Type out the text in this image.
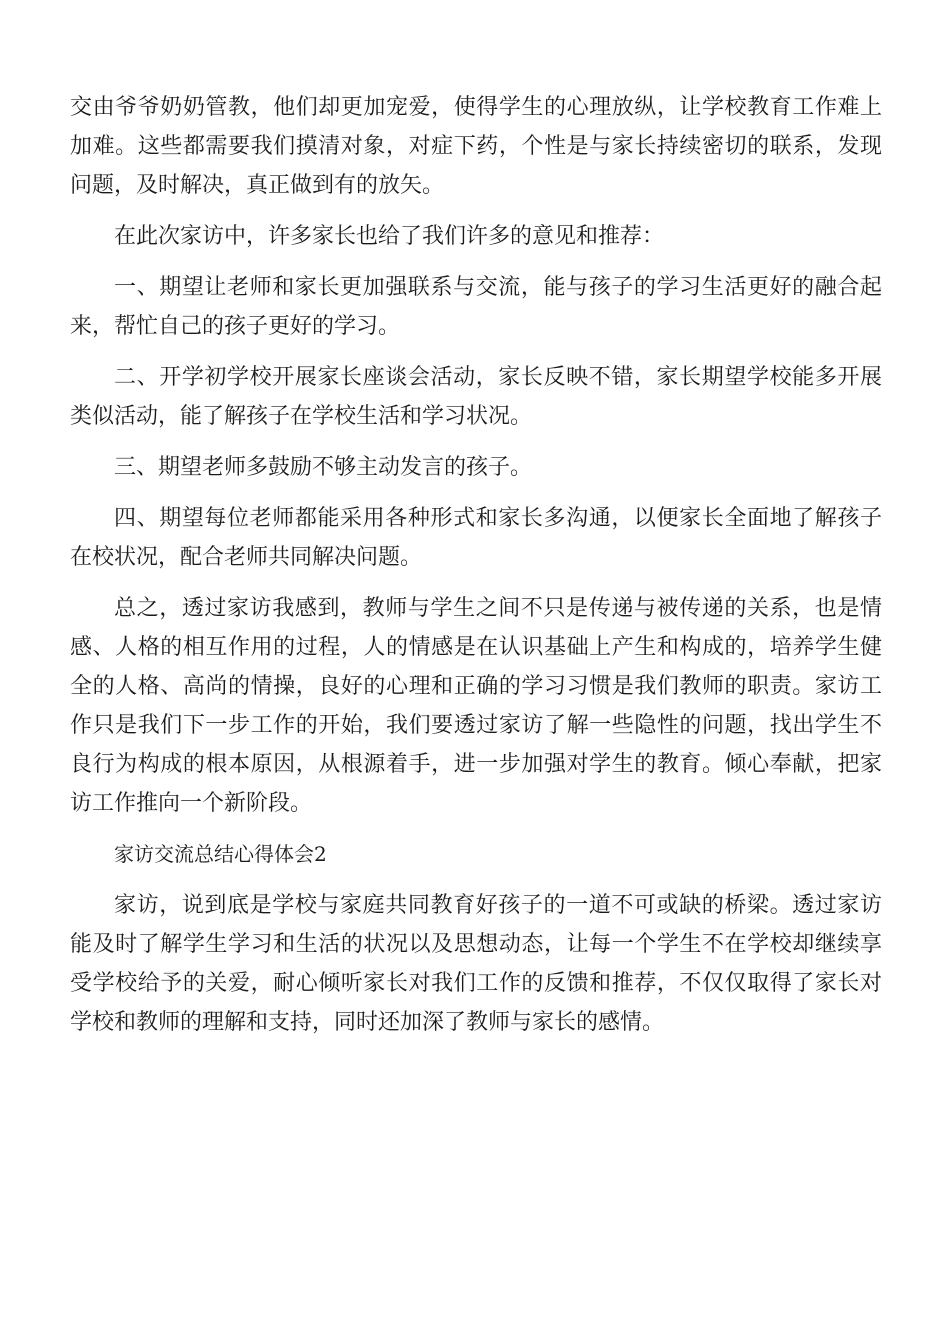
交由爷爷奶奶管教，他们却更加宠爱，使得学生的心理放纵，让学校教育工作难上加难。这些都需要我们摸清对象，对症下药，个性是与家长持续密切的联系，发现问题，及时解决，真正做到有的放矢。

在此次家访中，许多家长也给了我们许多的意见和推荐：

一、期望让老师和家长更加强联系与交流，能与孩子的学习生活更好的融合起来，帮忙自己的孩子更好的学习。

二、开学初学校开展家长座谈会活动，家长反映不错，家长期望学校能多开展类似活动，能了解孩子在学校生活和学习状况。

三、期望老师多鼓励不够主动发言的孩子。

四、期望每位老师都能采用各种形式和家长多沟通，以便家长全面地了解孩子在校状况，配合老师共同解决问题。

总之，透过家访我感到，教师与学生之间不只是传递与被传递的关系，也是情感、人格的相互作用的过程，人的情感是在认识基础上产生和构成的，培养学生健全的人格、高尚的情操，良好的心理和正确的学习习惯是我们教师的职责。家访工作只是我们下一步工作的开始，我们要透过家访了解一些隐性的问题，找出学生不良行为构成的根本原因，从根源着手，进一步加强对学生的教育。倾心奉献，把家访工作推向一个新阶段。

家访交流总结心得体会2

家访，说到底是学校与家庭共同教育好孩子的一道不可或缺的桥梁。透过家访能及时了解学生学习和生活的状况以及思想动态，让每一个学生不在学校却继续享受学校给予的关爱，耐心倾听家长对我们工作的反馈和推荐，不仅仅取得了家长对学校和教师的理解和支持，同时还加深了教师与家长的感情。
